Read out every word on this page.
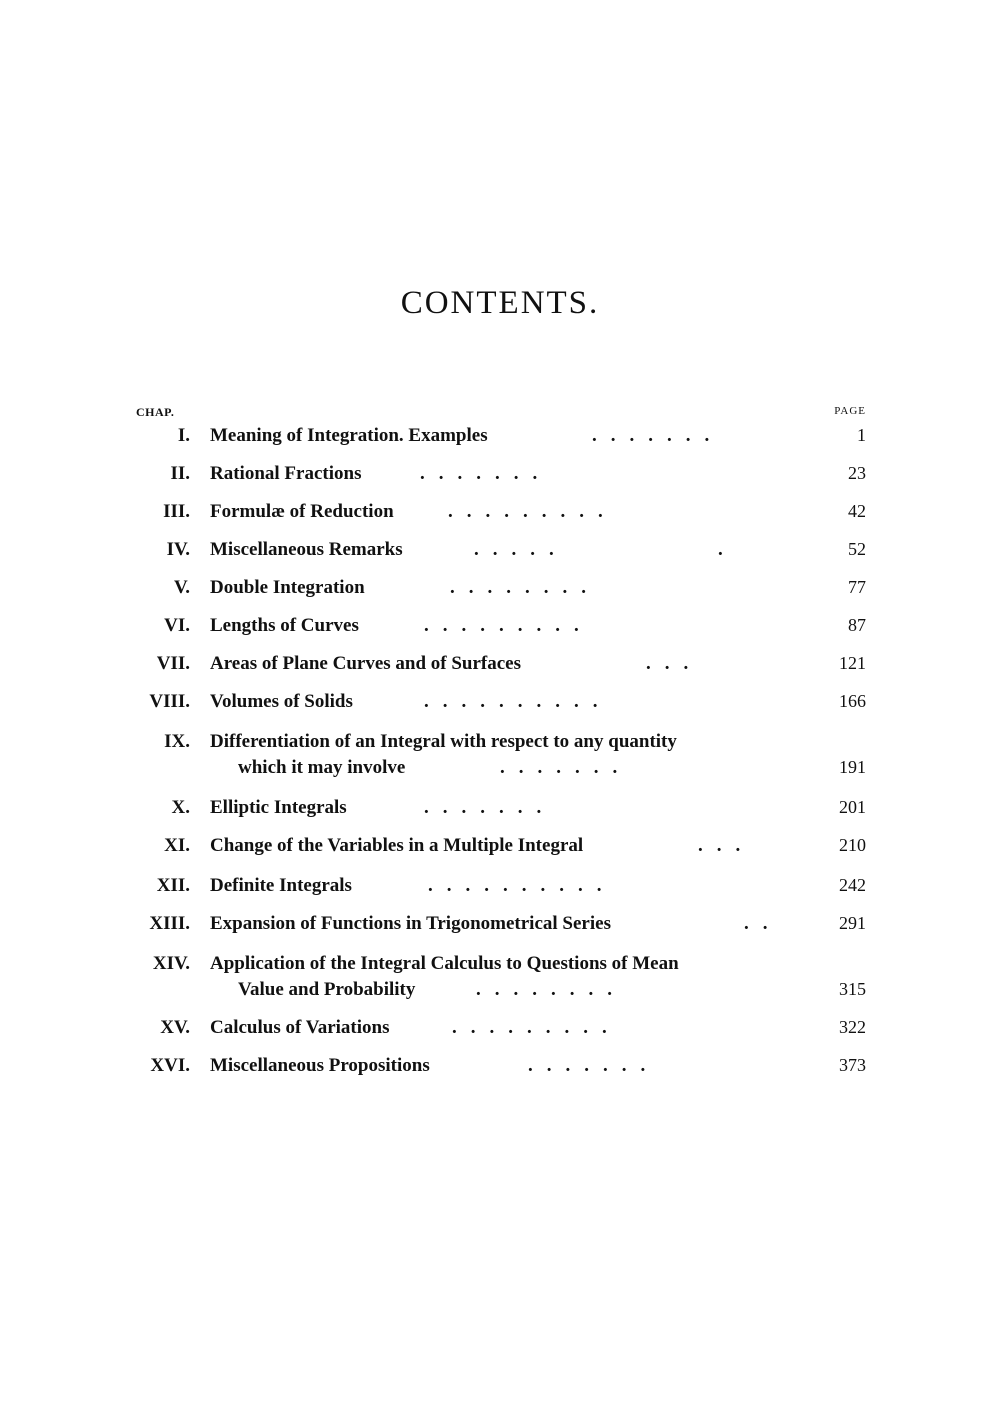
CONTENTS.
CHAP.	PAGE
I. Meaning of Integration. Examples	.......	1
II. Rational Fractions	.......	23
III. Formulæ of Reduction	.........	42
IV. Miscellaneous Remarks	.....	.	52
V. Double Integration	........	77
VI. Lengths of Curves	.........	87
VII. Areas of Plane Curves and of Surfaces	...	121
VIII. Volumes of Solids	..........	166
IX. Differentiation of an Integral with respect to any quantity
which it may involve	.......	191
X. Elliptic Integrals	.......	201
XI. Change of the Variables in a Multiple Integral	...	210
XII. Definite Integrals	..........	242
XIII. Expansion of Functions in Trigonometrical Series	..	291
XIV. Application of the Integral Calculus to Questions of Mean
Value and Probability	........	315
XV. Calculus of Variations	.........	322
XVI. Miscellaneous Propositions	.......	373
